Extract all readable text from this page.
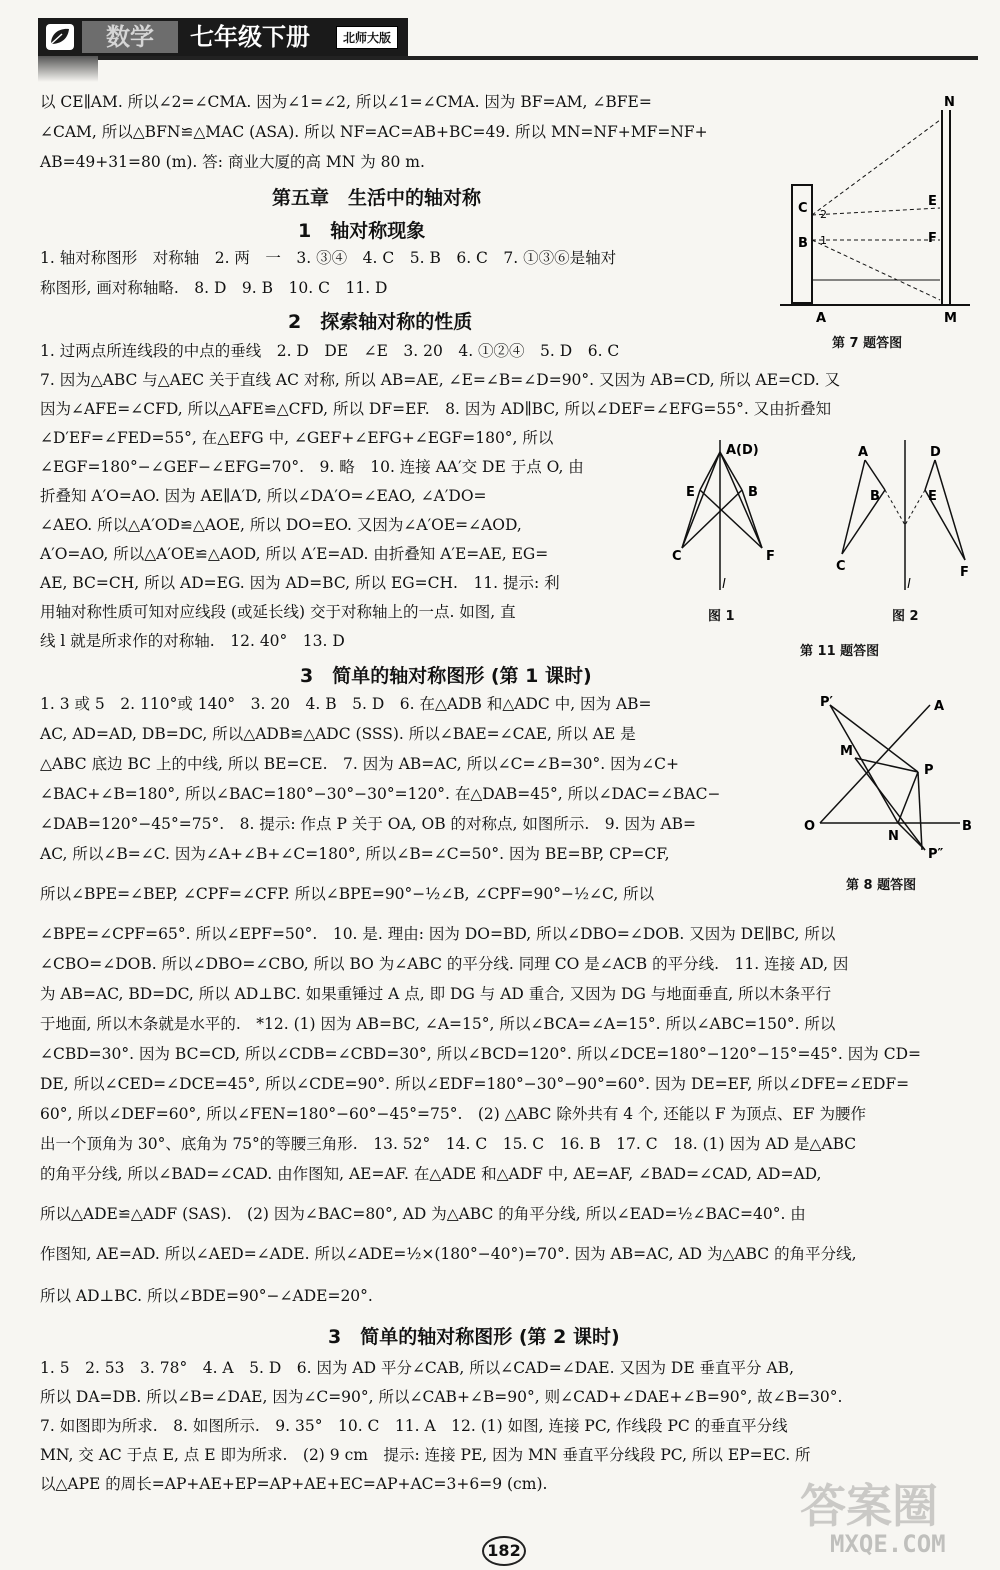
数学	七年级下册	北师大版
以 CE∥AM. 所以∠2=∠CMA. 因为∠1=∠2, 所以∠1=∠CMA. 因为 BF=AM, ∠BFE=
∠CAM, 所以△BFN≌△MAC (ASA). 所以 NF=AC=AB+BC=49. 所以 MN=NF+MF=NF+
AB=49+31=80 (m). 答: 商业大厦的高 MN 为 80 m.
第五章　生活中的轴对称
1　轴对称现象
1. 轴对称图形　对称轴　2. 两　一　3. ③④　4. C　5. B　6. C　7. ①③⑥是轴对
称图形, 画对称轴略.　8. D　9. B　10. C　11. D
2　探索轴对称的性质
1. 过两点所连线段的中点的垂线　2. D　DE　∠E　3. 20　4. ①②④　5. D　6. C
7. 因为△ABC 与△AEC 关于直线 AC 对称, 所以 AB=AE, ∠E=∠B=∠D=90°. 又因为 AB=CD, 所以 AE=CD. 又
因为∠AFE=∠CFD, 所以△AFE≌△CFD, 所以 DF=EF.　8. 因为 AD∥BC, 所以∠DEF=∠EFG=55°. 又由折叠知
∠D′EF=∠FED=55°, 在△EFG 中, ∠GEF+∠EFG+∠EGF=180°, 所以
∠EGF=180°−∠GEF−∠EFG=70°.　9. 略　10. 连接 AA′交 DE 于点 O, 由
折叠知 A′O=AO. 因为 AE∥A′D, 所以∠DA′O=∠EAO, ∠A′DO=
∠AEO. 所以△A′OD≌△AOE, 所以 DO=EO. 又因为∠A′OE=∠AOD,
A′O=AO, 所以△A′OE≌△AOD, 所以 A′E=AD. 由折叠知 A′E=AE, EG=
AE, BC=CH, 所以 AD=EG. 因为 AD=BC, 所以 EG=CH.　11. 提示: 利
用轴对称性质可知对应线段 (或延长线) 交于对称轴上的一点. 如图, 直
线 l 就是所求作的对称轴.　12. 40°　13. D
3　简单的轴对称图形 (第 1 课时)
1. 3 或 5　2. 110°或 140°　3. 20　4. B　5. D　6. 在△ADB 和△ADC 中, 因为 AB=
AC, AD=AD, DB=DC, 所以△ADB≌△ADC (SSS). 所以∠BAE=∠CAE, 所以 AE 是
△ABC 底边 BC 上的中线, 所以 BE=CE.　7. 因为 AB=AC, 所以∠C=∠B=30°. 因为∠C+
∠BAC+∠B=180°, 所以∠BAC=180°−30°−30°=120°. 在△DAB=45°, 所以∠DAC=∠BAC−
∠DAB=120°−45°=75°.　8. 提示: 作点 P 关于 OA, OB 的对称点, 如图所示.　9. 因为 AB=
AC, 所以∠B=∠C. 因为∠A+∠B+∠C=180°, 所以∠B=∠C=50°. 因为 BE=BP, CP=CF,
所以∠BPE=∠BEP, ∠CPF=∠CFP. 所以∠BPE=90°−½∠B, ∠CPF=90°−½∠C, 所以
∠BPE=∠CPF=65°. 所以∠EPF=50°.　10. 是. 理由: 因为 DO=BD, 所以∠DBO=∠DOB. 又因为 DE∥BC, 所以
∠CBO=∠DOB. 所以∠DBO=∠CBO, 所以 BO 为∠ABC 的平分线. 同理 CO 是∠ACB 的平分线.　11. 连接 AD, 因
为 AB=AC, BD=DC, 所以 AD⊥BC. 如果重锤过 A 点, 即 DG 与 AD 重合, 又因为 DG 与地面垂直, 所以木条平行
于地面, 所以木条就是水平的.　*12. (1) 因为 AB=BC, ∠A=15°, 所以∠BCA=∠A=15°. 所以∠ABC=150°. 所以
∠CBD=30°. 因为 BC=CD, 所以∠CDB=∠CBD=30°, 所以∠BCD=120°. 所以∠DCE=180°−120°−15°=45°. 因为 CD=
DE, 所以∠CED=∠DCE=45°, 所以∠CDE=90°. 所以∠EDF=180°−30°−90°=60°. 因为 DE=EF, 所以∠DFE=∠EDF=
60°, 所以∠DEF=60°, 所以∠FEN=180°−60°−45°=75°.　(2) △ABC 除外共有 4 个, 还能以 F 为顶点、EF 为腰作
出一个顶角为 30°、底角为 75°的等腰三角形.　13. 52°　14. C　15. C　16. B　17. C　18. (1) 因为 AD 是△ABC
的角平分线, 所以∠BAD=∠CAD. 由作图知, AE=AF. 在△ADE 和△ADF 中, AE=AF, ∠BAD=∠CAD, AD=AD,
所以△ADE≌△ADF (SAS).　(2) 因为∠BAC=80°, AD 为△ABC 的角平分线, 所以∠EAD=½∠BAC=40°. 由
作图知, AE=AD. 所以∠AED=∠ADE. 所以∠ADE=½×(180°−40°)=70°. 因为 AB=AC, AD 为△ABC 的角平分线,
所以 AD⊥BC. 所以∠BDE=90°−∠ADE=20°.
3　简单的轴对称图形 (第 2 课时)
1. 5　2. 53　3. 78°　4. A　5. D　6. 因为 AD 平分∠CAB, 所以∠CAD=∠DAE. 又因为 DE 垂直平分 AB,
所以 DA=DB. 所以∠B=∠DAE, 因为∠C=90°, 所以∠CAB+∠B=90°, 则∠CAD+∠DAE+∠B=90°, 故∠B=30°.
7. 如图即为所求.　8. 如图所示.　9. 35°　10. C　11. A　12. (1) 如图, 连接 PC, 作线段 PC 的垂直平分线
MN, 交 AC 于点 E, 点 E 即为所求.　(2) 9 cm　提示: 连接 PE, 因为 MN 垂直平分线段 PC, 所以 EP=EC. 所
以△APE 的周长=AP+AE+EP=AP+AE+EC=AP+AC=3+6=9 (cm).
N
C
B
E
F
A	M
1
2
第 7 题答图
A(D)
E	B
C	F
l
A	D
B	E
C	F
l
图 1	图 2
第 11 题答图
P′	A
M
P
O
N
B
P″
第 8 题答图
182
答案圈
MXQE.COM
